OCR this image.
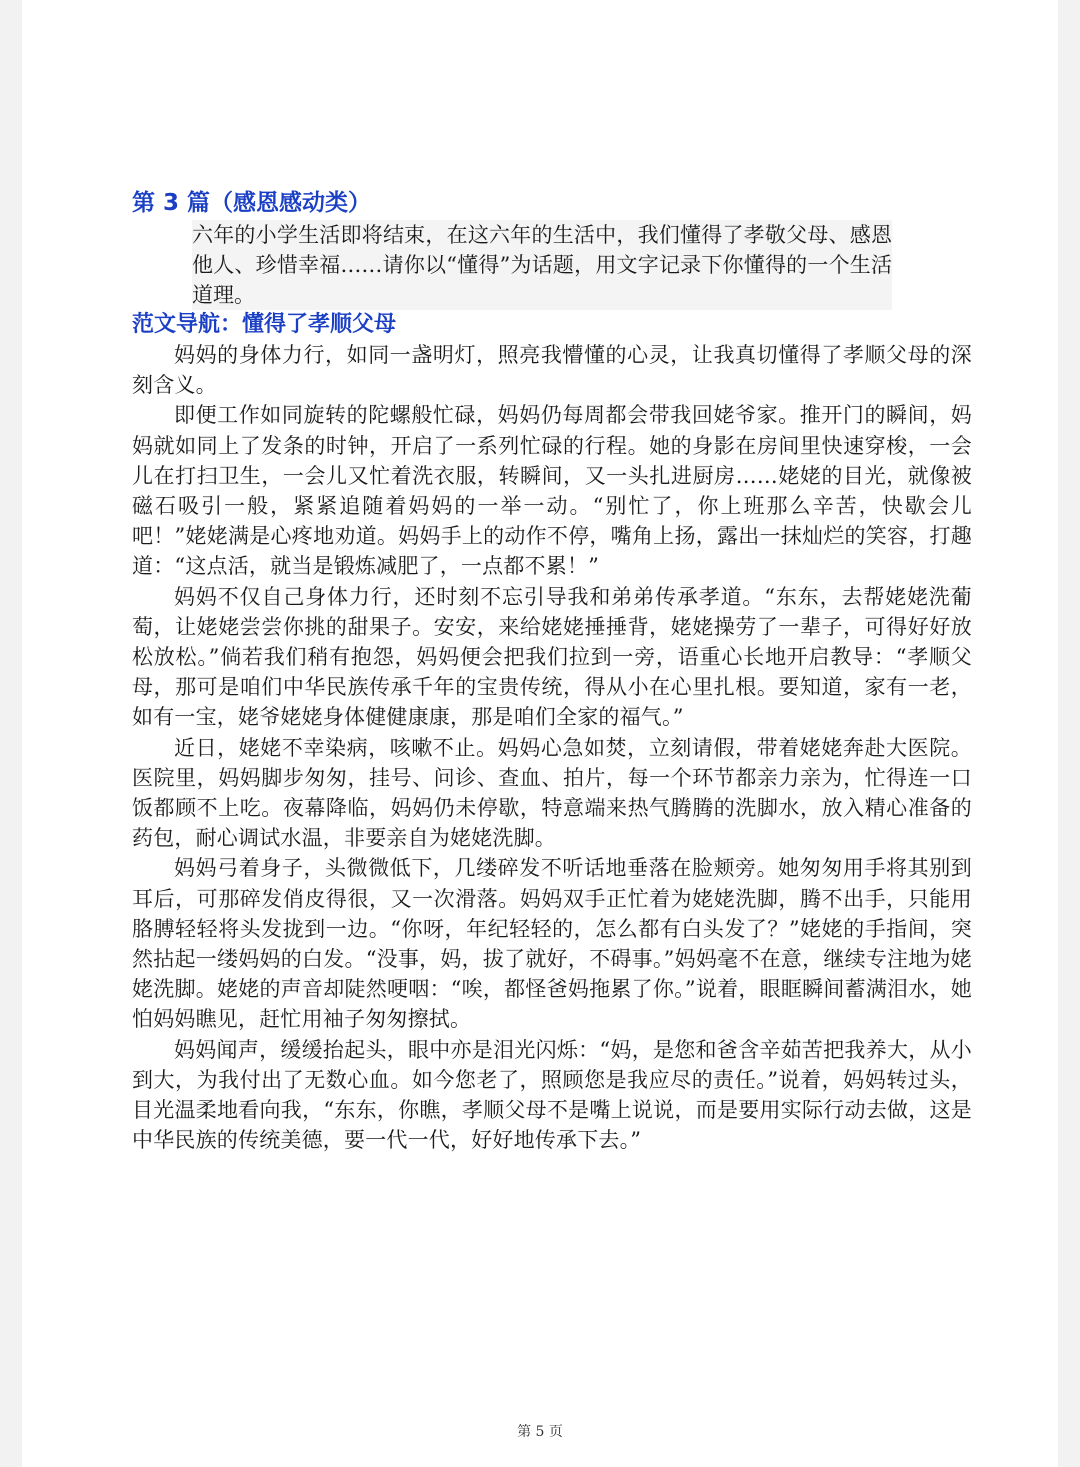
第 3 篇（感恩感动类）

六年的小学生活即将结束，在这六年的生活中，我们懂得了孝敬父母、感恩他人、珍惜幸福……请你以“懂得”为话题，用文字记录下你懂得的一个生活道理。

范文导航：懂得了孝顺父母

妈妈的身体力行，如同一盏明灯，照亮我懵懂的心灵，让我真切懂得了孝顺父母的深刻含义。

即便工作如同旋转的陀螺般忙碌，妈妈仍每周都会带我回姥爷家。推开门的瞬间，妈妈就如同上了发条的时钟，开启了一系列忙碌的行程。她的身影在房间里快速穿梭，一会儿在打扫卫生，一会儿又忙着洗衣服，转瞬间，又一头扎进厨房……姥姥的目光，就像被磁石吸引一般，紧紧追随着妈妈的一举一动。“别忙了，你上班那么辛苦，快歇会儿吧！”姥姥满是心疼地劝道。妈妈手上的动作不停，嘴角上扬，露出一抹灿烂的笑容，打趣道：“这点活，就当是锻炼减肥了，一点都不累！”

妈妈不仅自己身体力行，还时刻不忘引导我和弟弟传承孝道。“东东，去帮姥姥洗葡萄，让姥姥尝尝你挑的甜果子。安安，来给姥姥捶捶背，姥姥操劳了一辈子，可得好好放松放松。”倘若我们稍有抱怨，妈妈便会把我们拉到一旁，语重心长地开启教导：“孝顺父母，那可是咱们中华民族传承千年的宝贵传统，得从小在心里扎根。要知道，家有一老，如有一宝，姥爷姥姥身体健健康康，那是咱们全家的福气。”

近日，姥姥不幸染病，咳嗽不止。妈妈心急如焚，立刻请假，带着姥姥奔赴大医院。医院里，妈妈脚步匆匆，挂号、问诊、查血、拍片，每一个环节都亲力亲为，忙得连一口饭都顾不上吃。夜幕降临，妈妈仍未停歇，特意端来热气腾腾的洗脚水，放入精心准备的药包，耐心调试水温，非要亲自为姥姥洗脚。

妈妈弓着身子，头微微低下，几缕碎发不听话地垂落在脸颊旁。她匆匆用手将其别到耳后，可那碎发俏皮得很，又一次滑落。妈妈双手正忙着为姥姥洗脚，腾不出手，只能用胳膊轻轻将头发拢到一边。“你呀，年纪轻轻的，怎么都有白头发了？”姥姥的手指间，突然拈起一缕妈妈的白发。“没事，妈，拔了就好，不碍事。”妈妈毫不在意，继续专注地为姥姥洗脚。姥姥的声音却陡然哽咽：“唉，都怪爸妈拖累了你。”说着，眼眶瞬间蓄满泪水，她怕妈妈瞧见，赶忙用袖子匆匆擦拭。

妈妈闻声，缓缓抬起头，眼中亦是泪光闪烁：“妈，是您和爸含辛茹苦把我养大，从小到大，为我付出了无数心血。如今您老了，照顾您是我应尽的责任。”说着，妈妈转过头，目光温柔地看向我，“东东，你瞧，孝顺父母不是嘴上说说，而是要用实际行动去做，这是中华民族的传统美德，要一代一代，好好地传承下去。”

第 5 页
